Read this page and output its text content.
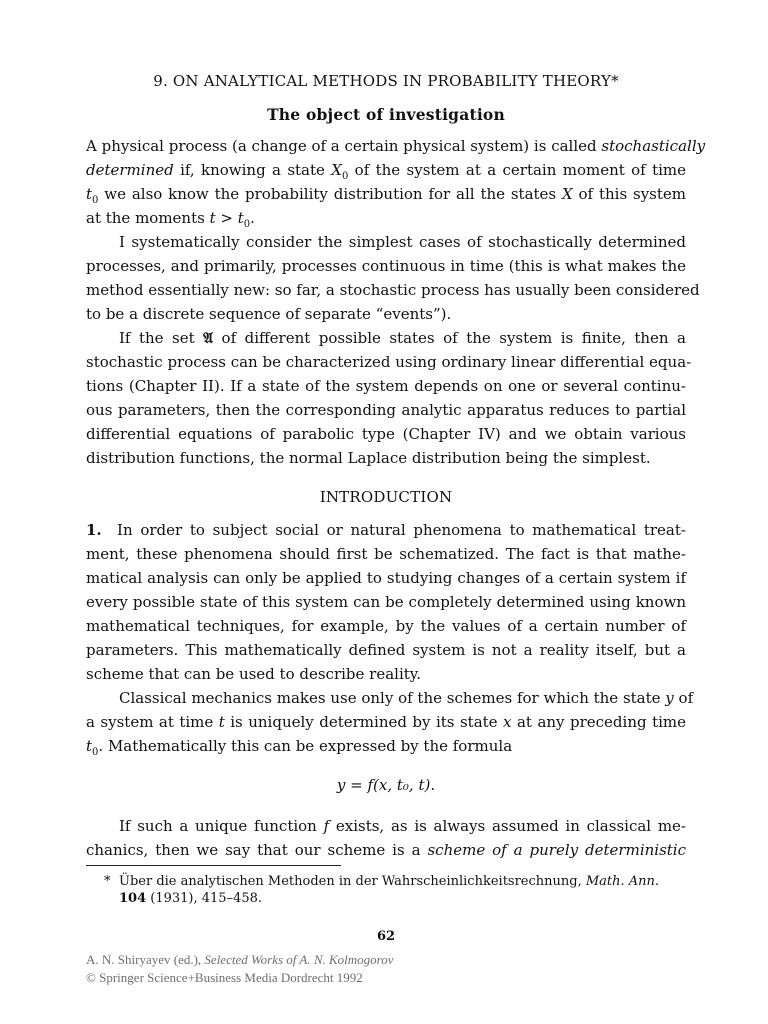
9. ON ANALYTICAL METHODS IN PROBABILITY THEORY*
The object of investigation
A physical process (a change of a certain physical system) is called stochastically
determined if, knowing a state $X_0$ of the system at a certain moment of time
$t_0$ we also know the probability distribution for all the states X of this system
at the moments $t > t_0$.
I systematically consider the simplest cases of stochastically determined
processes, and primarily, processes continuous in time (this is what makes the
method essentially new: so far, a stochastic process has usually been considered
to be a discrete sequence of separate “events”).
If the set 𝔄 of different possible states of the system is finite, then a
stochastic process can be characterized using ordinary linear differential equa-
tions (Chapter II). If a state of the system depends on one or several continu-
ous parameters, then the corresponding analytic apparatus reduces to partial
differential equations of parabolic type (Chapter IV) and we obtain various
distribution functions, the normal Laplace distribution being the simplest.
INTRODUCTION
1. In order to subject social or natural phenomena to mathematical treat-
ment, these phenomena should first be schematized. The fact is that mathe-
matical analysis can only be applied to studying changes of a certain system if
every possible state of this system can be completely determined using known
mathematical techniques, for example, by the values of a certain number of
parameters. This mathematically defined system is not a reality itself, but a
scheme that can be used to describe reality.
Classical mechanics makes use only of the schemes for which the state y of
a system at time t is uniquely determined by its state x at any preceding time
$t_0$. Mathematically this can be expressed by the formula
y = f(x, t₀, t).
If such a unique function f exists, as is always assumed in classical me-
chanics, then we say that our scheme is a scheme of a purely deterministic
* Über die analytischen Methoden in der Wahrscheinlichkeitsrechnung, Math. Ann.
104 (1931), 415–458.
62
A. N. Shiryayev (ed.), Selected Works of A. N. Kolmogorov
© Springer Science+Business Media Dordrecht 1992
